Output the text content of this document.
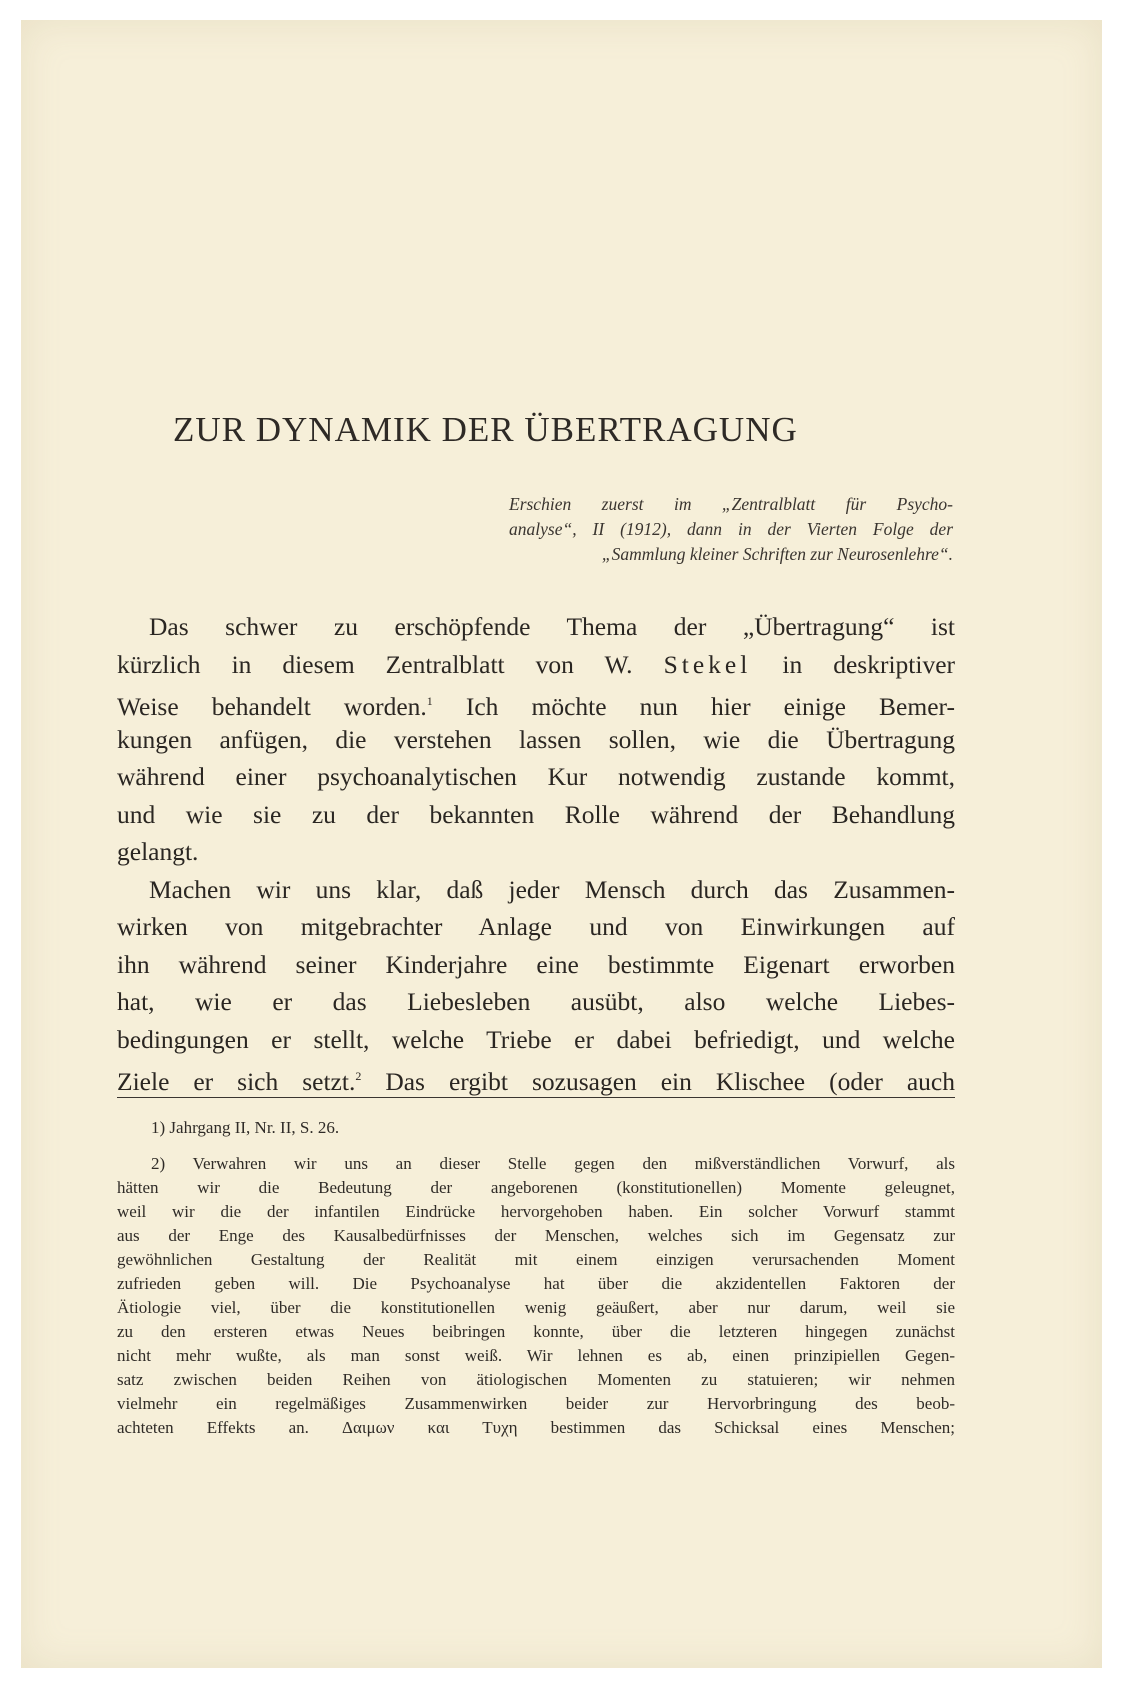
ZUR DYNAMIK DER ÜBERTRAGUNG
Erschien zuerst im „Zentralblatt für Psycho-
analyse“, II (1912), dann in der Vierten Folge der
„Sammlung kleiner Schriften zur Neurosenlehre“.
Das schwer zu erschöpfende Thema der „Übertragung“ ist
kürzlich in diesem Zentralblatt von W. Stekel in deskriptiver
Weise behandelt worden.$^1$ Ich möchte nun hier einige Bemer-
kungen anfügen, die verstehen lassen sollen, wie die Übertragung
während einer psychoanalytischen Kur notwendig zustande kommt,
und wie sie zu der bekannten Rolle während der Behandlung
gelangt.
Machen wir uns klar, daß jeder Mensch durch das Zusammen-
wirken von mitgebrachter Anlage und von Einwirkungen auf
ihn während seiner Kinderjahre eine bestimmte Eigenart erworben
hat, wie er das Liebesleben ausübt, also welche Liebes-
bedingungen er stellt, welche Triebe er dabei befriedigt, und welche
Ziele er sich setzt.$^2$ Das ergibt sozusagen ein Klischee (oder auch
1) Jahrgang II, Nr. II, S. 26.
2) Verwahren wir uns an dieser Stelle gegen den mißverständlichen Vorwurf, als
hätten wir die Bedeutung der angeborenen (konstitutionellen) Momente geleugnet,
weil wir die der infantilen Eindrücke hervorgehoben haben. Ein solcher Vorwurf stammt
aus der Enge des Kausalbedürfnisses der Menschen, welches sich im Gegensatz zur
gewöhnlichen Gestaltung der Realität mit einem einzigen verursachenden Moment
zufrieden geben will. Die Psychoanalyse hat über die akzidentellen Faktoren der
Ätiologie viel, über die konstitutionellen wenig geäußert, aber nur darum, weil sie
zu den ersteren etwas Neues beibringen konnte, über die letzteren hingegen zunächst
nicht mehr wußte, als man sonst weiß. Wir lehnen es ab, einen prinzipiellen Gegen-
satz zwischen beiden Reihen von ätiologischen Momenten zu statuieren; wir nehmen
vielmehr ein regelmäßiges Zusammenwirken beider zur Hervorbringung des beob-
achteten Effekts an. Δαιμων και Τυχη bestimmen das Schicksal eines Menschen;
